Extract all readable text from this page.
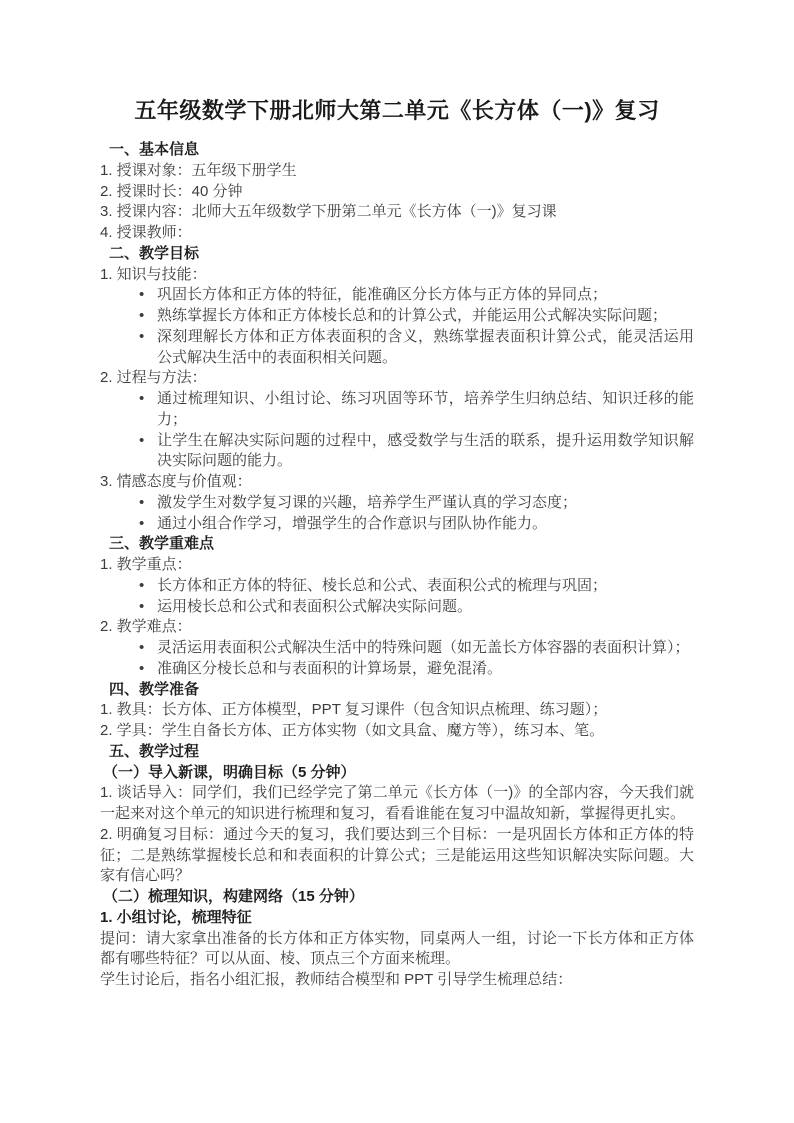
五年级数学下册北师大第二单元《长方体（一)》复习
一、基本信息
1. 授课对象：五年级下册学生
2. 授课时长：40 分钟
3. 授课内容：北师大五年级数学下册第二单元《长方体（一)》复习课
4. 授课教师：
二、教学目标
1. 知识与技能：
• 巩固长方体和正方体的特征，能准确区分长方体与正方体的异同点；
• 熟练掌握长方体和正方体棱长总和的计算公式，并能运用公式解决实际问题；
• 深刻理解长方体和正方体表面积的含义，熟练掌握表面积计算公式，能灵活运用公式解决生活中的表面积相关问题。
2. 过程与方法：
• 通过梳理知识、小组讨论、练习巩固等环节，培养学生归纳总结、知识迁移的能力；
• 让学生在解决实际问题的过程中，感受数学与生活的联系，提升运用数学知识解决实际问题的能力。
3. 情感态度与价值观：
• 激发学生对数学复习课的兴趣，培养学生严谨认真的学习态度；
• 通过小组合作学习，增强学生的合作意识与团队协作能力。
三、教学重难点
1. 教学重点：
• 长方体和正方体的特征、棱长总和公式、表面积公式的梳理与巩固；
• 运用棱长总和公式和表面积公式解决实际问题。
2. 教学难点：
• 灵活运用表面积公式解决生活中的特殊问题（如无盖长方体容器的表面积计算）；
• 准确区分棱长总和与表面积的计算场景，避免混淆。
四、教学准备
1. 教具：长方体、正方体模型，PPT 复习课件（包含知识点梳理、练习题）；
2. 学具：学生自备长方体、正方体实物（如文具盒、魔方等），练习本、笔。
五、教学过程
（一）导入新课，明确目标（5 分钟）
1. 谈话导入：同学们，我们已经学完了第二单元《长方体（一)》的全部内容，今天我们就一起来对这个单元的知识进行梳理和复习，看看谁能在复习中温故知新，掌握得更扎实。
2. 明确复习目标：通过今天的复习，我们要达到三个目标：一是巩固长方体和正方体的特征；二是熟练掌握棱长总和和表面积的计算公式；三是能运用这些知识解决实际问题。大家有信心吗？
（二）梳理知识，构建网络（15 分钟）
1. 小组讨论，梳理特征
提问：请大家拿出准备的长方体和正方体实物，同桌两人一组，讨论一下长方体和正方体都有哪些特征？可以从面、棱、顶点三个方面来梳理。
学生讨论后，指名小组汇报，教师结合模型和 PPT 引导学生梳理总结：
